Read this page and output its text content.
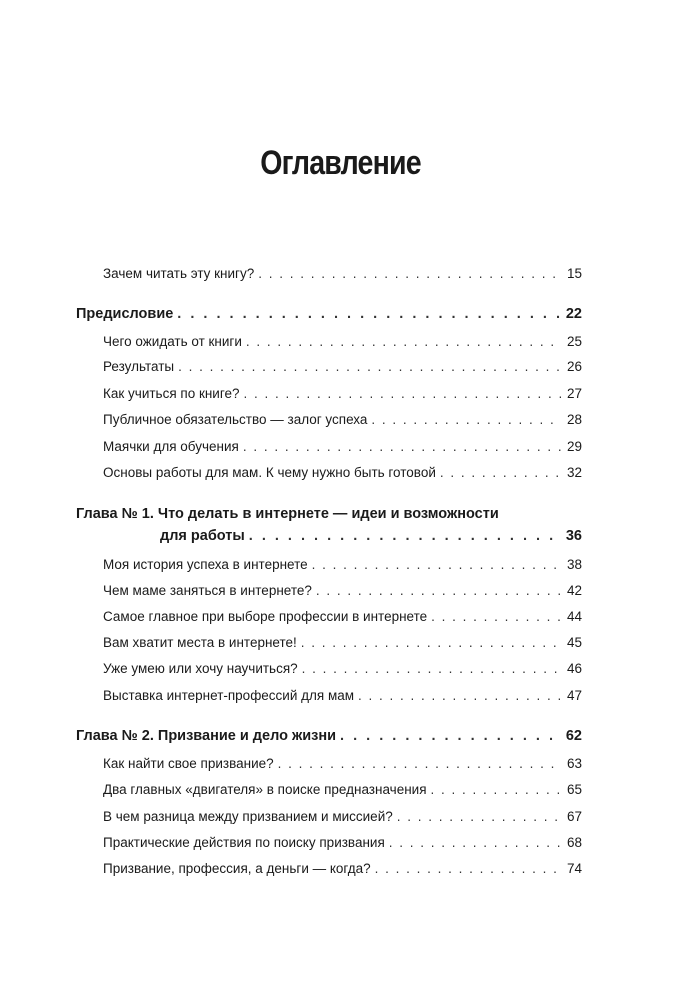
Оглавление
Зачем читать эту книгу? . . .	15
Предисловие . . .	22
Чего ожидать от книги . . .	25
Результаты . . .	26
Как учиться по книге? . . .	27
Публичное обязательство — залог успеха . . .	28
Маячки для обучения . . .	29
Основы работы для мам. К чему нужно быть готовой . . .	32
Глава № 1. Что делать в интернете — идеи и возможности
для работы . . .	36
Моя история успеха в интернете . . .	38
Чем маме заняться в интернете? . . .	42
Самое главное при выборе профессии в интернете . . .	44
Вам хватит места в интернете! . . .	45
Уже умею или хочу научиться? . . .	46
Выставка интернет-профессий для мам . . .	47
Глава № 2. Призвание и дело жизни . . .	62
Как найти свое призвание? . . .	63
Два главных «двигателя» в поиске предназначения . . .	65
В чем разница между призванием и миссией? . . .	67
Практические действия по поиску призвания . . .	68
Призвание, профессия, а деньги — когда? . . .	74
